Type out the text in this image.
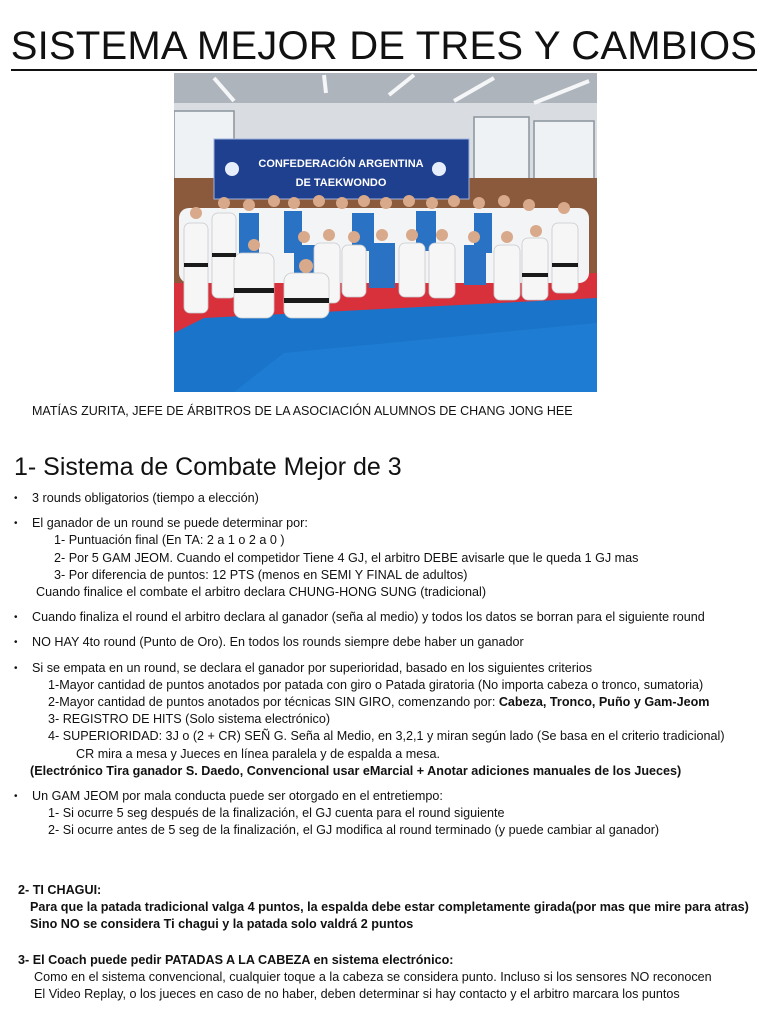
SISTEMA MEJOR DE TRES Y CAMBIOS
CONFEDERACIÓN ARGENTINA
DE TAEKWONDO
MATÍAS ZURITA, JEFE DE ÁRBITROS DE LA ASOCIACIÓN ALUMNOS DE CHANG JONG HEE
1- Sistema de Combate Mejor de 3
• 3 rounds obligatorios (tiempo a elección)
• El ganador de un round se puede determinar por:
1- Puntuación final (En TA: 2 a 1 o 2 a 0 )
2- Por 5 GAM JEOM. Cuando el competidor Tiene 4 GJ, el arbitro DEBE avisarle que le queda 1 GJ mas
3- Por diferencia de puntos: 12 PTS (menos en SEMI Y FINAL de adultos)
Cuando finalice el combate el arbitro declara CHUNG-HONG SUNG (tradicional)
• Cuando finaliza el round el arbitro declara al ganador (seña al medio) y todos los datos se borran para el siguiente round
• NO HAY 4to round (Punto de Oro). En todos los rounds siempre debe haber un ganador
• Si se empata en un round, se declara el ganador por superioridad, basado en los siguientes criterios
1-Mayor cantidad de puntos anotados por patada con giro o Patada giratoria (No importa cabeza o tronco, sumatoria)
2-Mayor cantidad de puntos anotados por técnicas SIN GIRO, comenzando por: Cabeza, Tronco, Puño y Gam-Jeom
3- REGISTRO DE HITS (Solo sistema electrónico)
4- SUPERIORIDAD: 3J o (2 + CR) SEÑ G. Seña al Medio, en 3,2,1 y miran según lado (Se basa en el criterio tradicional)
CR mira a mesa y Jueces en línea paralela y de espalda a mesa.
(Electrónico Tira ganador S. Daedo, Convencional usar eMarcial + Anotar adiciones manuales de los Jueces)
• Un GAM JEOM por mala conducta puede ser otorgado en el entretiempo:
1- Si ocurre 5 seg después de la finalización, el GJ cuenta para el round siguiente
2- Si ocurre antes de 5 seg de la finalización, el GJ modifica al round terminado (y puede cambiar al ganador)
2- TI CHAGUI:
Para que la patada tradicional valga 4 puntos, la espalda debe estar completamente girada(por mas que mire para atras)
Sino NO se considera Ti chagui y la patada solo valdrá 2 puntos
3- El Coach puede pedir PATADAS A LA CABEZA en sistema electrónico:
Como en el sistema convencional, cualquier toque a la cabeza se considera punto. Incluso si los sensores NO reconocen
El Video Replay, o los jueces en caso de no haber, deben determinar si hay contacto y el arbitro marcara los puntos
